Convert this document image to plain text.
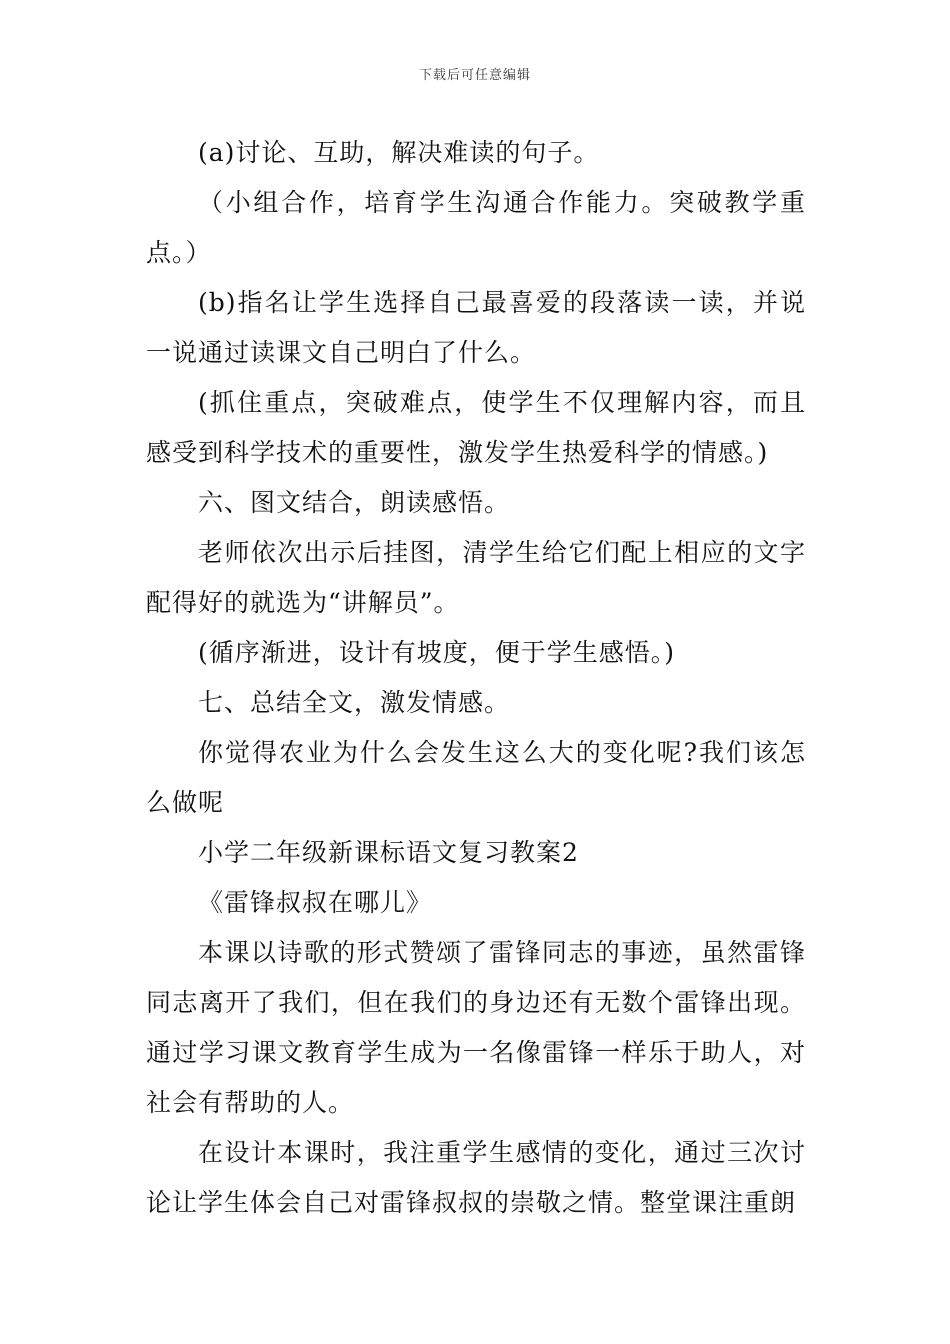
下载后可任意编辑

(a)讨论、互助，解决难读的句子。

（小组合作，培育学生沟通合作能力。突破教学重点。）

(b)指名让学生选择自己最喜爱的段落读一读，并说一说通过读课文自己明白了什么。

(抓住重点，突破难点，使学生不仅理解内容，而且感受到科学技术的重要性，激发学生热爱科学的情感。)

六、图文结合，朗读感悟。

老师依次出示后挂图，清学生给它们配上相应的文字配得好的就选为“讲解员”。

(循序渐进，设计有坡度，便于学生感悟。)

七、总结全文，激发情感。

你觉得农业为什么会发生这么大的变化呢?我们该怎么做呢

小学二年级新课标语文复习教案2

《雷锋叔叔在哪儿》

本课以诗歌的形式赞颂了雷锋同志的事迹，虽然雷锋同志离开了我们，但在我们的身边还有无数个雷锋出现。通过学习课文教育学生成为一名像雷锋一样乐于助人，对社会有帮助的人。

在设计本课时，我注重学生感情的变化，通过三次讨论让学生体会自己对雷锋叔叔的崇敬之情。整堂课注重朗
